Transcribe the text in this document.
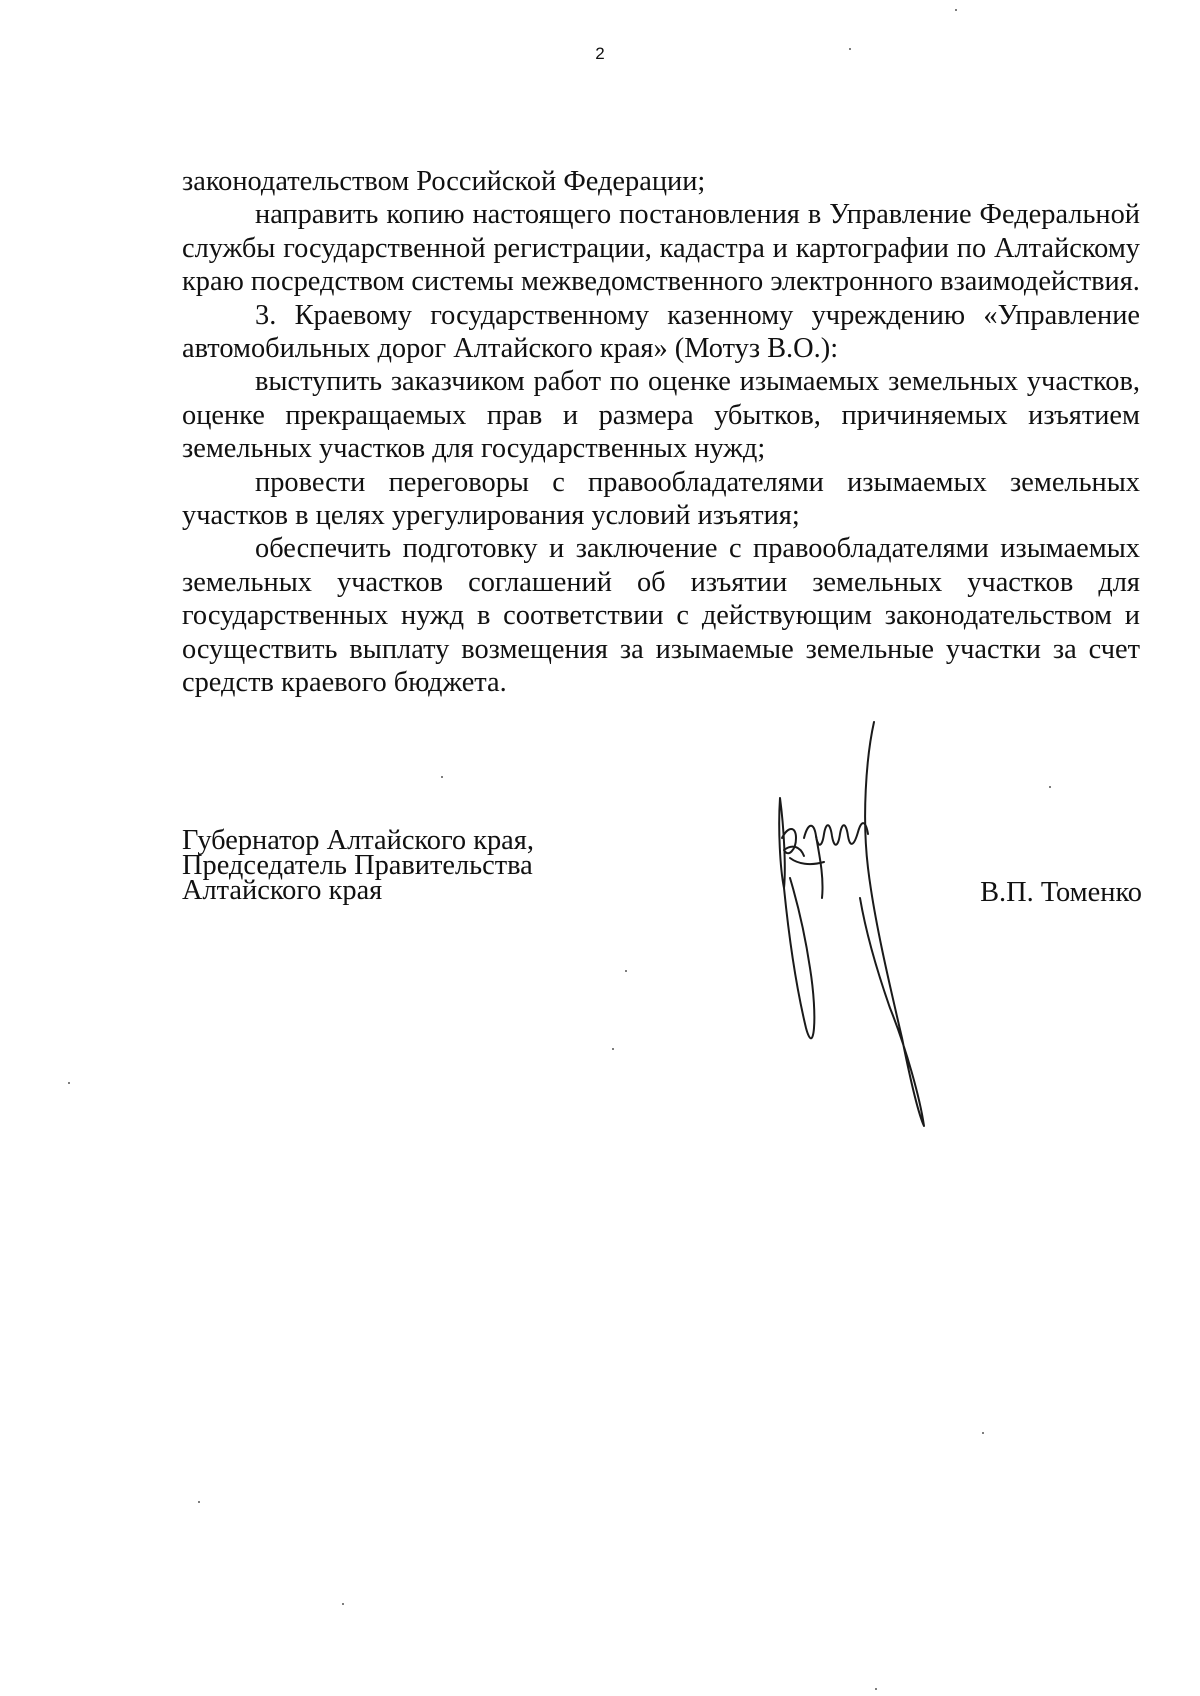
2

законодательством Российской Федерации;

направить копию настоящего постановления в Управление Федеральной службы государственной регистрации, кадастра и картографии по Алтайскому краю посредством системы межведомственного электронного взаимодействия.

3. Краевому государственному казенному учреждению «Управление автомобильных дорог Алтайского края» (Мотуз В.О.):

выступить заказчиком работ по оценке изымаемых земельных участков, оценке прекращаемых прав и размера убытков, причиняемых изъятием земельных участков для государственных нужд;

провести переговоры с правообладателями изымаемых земельных участков в целях урегулирования условий изъятия;

обеспечить подготовку и заключение с правообладателями изымаемых земельных участков соглашений об изъятии земельных участков для государственных нужд в соответствии с действующим законодательством и осуществить выплату возмещения за изымаемые земельные участки за счет средств краевого бюджета.

Губернатор Алтайского края,
Председатель Правительства
Алтайского края	В.П. Томенко
